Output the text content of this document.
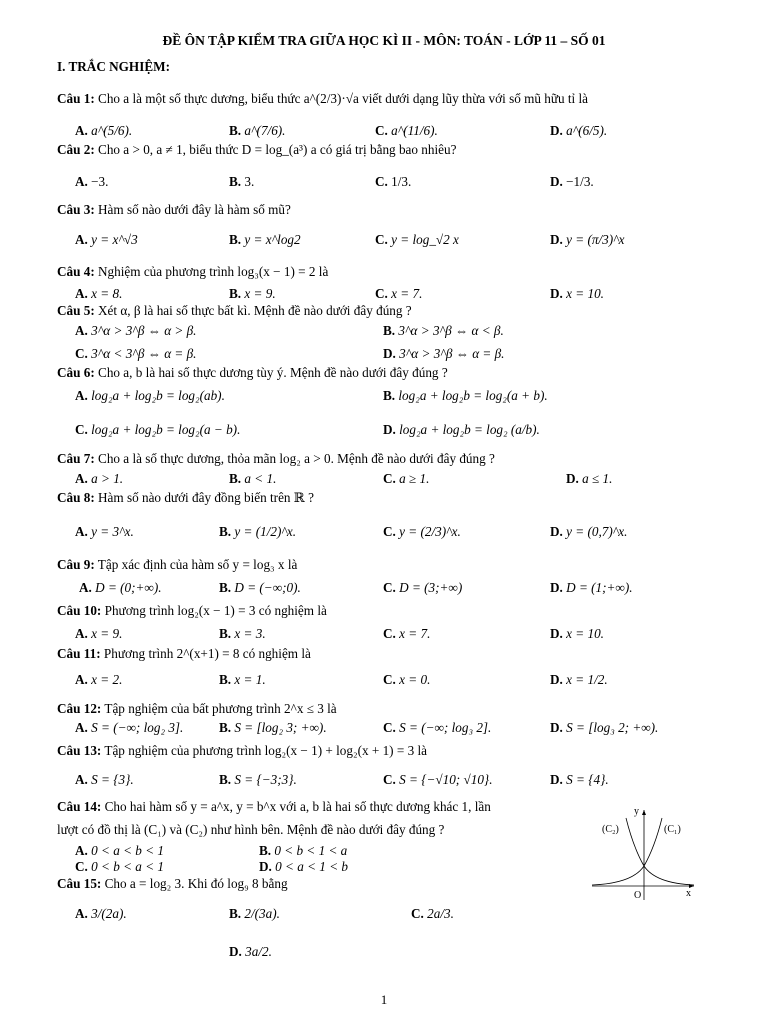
ĐỀ ÔN TẬP KIỂM TRA GIỮA HỌC KÌ II - MÔN: TOÁN - LỚP 11 – SỐ 01
I. TRẮC NGHIỆM:
Câu 1: Cho a là một số thực dương, biểu thức a^(2/3)·√a viết dưới dạng lũy thừa với số mũ hữu tỉ là
A. a^(5/6).	B. a^(7/6).	C. a^(11/6).	D. a^(6/5).
Câu 2: Cho a > 0, a ≠ 1, biểu thức D = log_(a³) a có giá trị bằng bao nhiêu?
A. −3.	B. 3.	C. 1/3.	D. −1/3.
Câu 3: Hàm số nào dưới đây là hàm số mũ?
A. y = x^√3	B. y = x^log2	C. y = log_√2 x	D. y = (π/3)^x
Câu 4: Nghiệm của phương trình log₃(x − 1) = 2 là
A. x = 8.	B. x = 9.	C. x = 7.	D. x = 10.
Câu 5: Xét α, β là hai số thực bất kì. Mệnh đề nào dưới đây đúng ?
A. 3^α > 3^β ⇔ α > β.	B. 3^α > 3^β ⇔ α < β.
C. 3^α < 3^β ⇔ α = β.	D. 3^α > 3^β ⇔ α = β.
Câu 6: Cho a, b là hai số thực dương tùy ý. Mệnh đề nào dưới đây đúng ?
A. log₂a + log₂b = log₂(ab).	B. log₂a + log₂b = log₂(a + b).
C. log₂a + log₂b = log₂(a − b).	D. log₂a + log₂b = log₂ (a/b).
Câu 7: Cho a là số thực dương, thỏa mãn log₂ a > 0. Mệnh đề nào dưới đây đúng ?
A. a > 1.	B. a < 1.	C. a ≥ 1.	D. a ≤ 1.
Câu 8: Hàm số nào dưới đây đồng biến trên ℝ ?
A. y = 3^x.	B. y = (1/2)^x.	C. y = (2/3)^x.	D. y = (0,7)^x.
Câu 9: Tập xác định của hàm số y = log₃ x là
A. D = (0;+∞).	B. D = (−∞;0).	C. D = (3;+∞)	D. D = (1;+∞).
Câu 10: Phương trình log₂(x − 1) = 3 có nghiệm là
A. x = 9.	B. x = 3.	C. x = 7.	D. x = 10.
Câu 11: Phương trình 2^(x+1) = 8 có nghiệm là
A. x = 2.	B. x = 1.	C. x = 0.	D. x = 1/2.
Câu 12: Tập nghiệm của bất phương trình 2^x ≤ 3 là
A. S = (−∞; log₂ 3].	B. S = [log₂ 3; +∞).	C. S = (−∞; log₃ 2].	D. S = [log₃ 2; +∞).
Câu 13: Tập nghiệm của phương trình log₂(x − 1) + log₂(x + 1) = 3 là
A. S = {3}.	B. S = {−3;3}.	C. S = {−√10; √10}.	D. S = {4}.
Câu 14: Cho hai hàm số y = a^x, y = b^x với a, b là hai số thực dương khác 1, lần
lượt có đồ thị là (C₁) và (C₂) như hình bên. Mệnh đề nào dưới đây đúng ?
A. 0 < a < b < 1	B. 0 < b < 1 < a
C. 0 < b < a < 1	D. 0 < a < 1 < b
y
x
O
(C₁)
(C₂)
Câu 15: Cho a = log₂ 3. Khi đó log₉ 8 bằng
A. 3/(2a).	B. 2/(3a).	C. 2a/3.
D. 3a/2.
1
